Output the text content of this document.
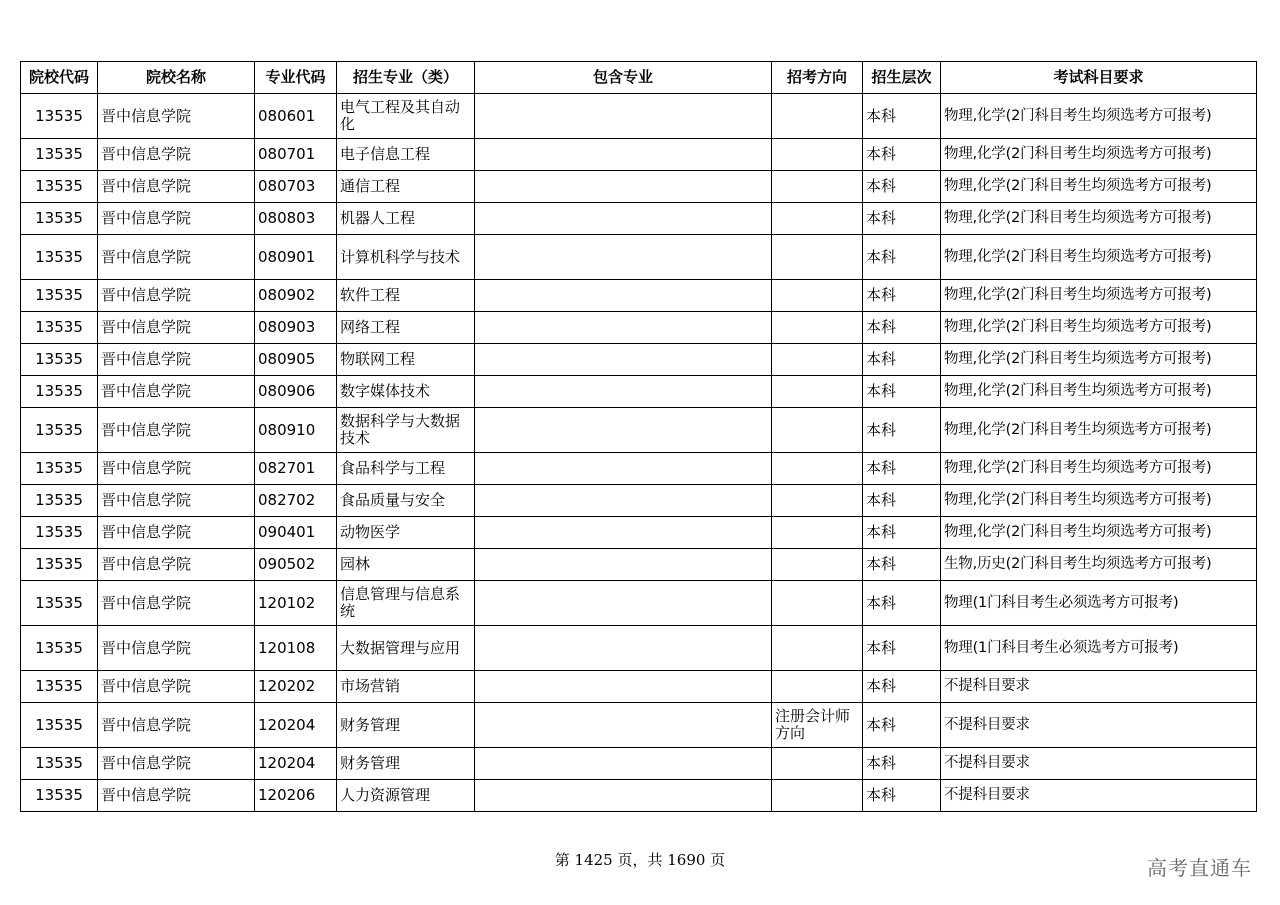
院校代码	院校名称	专业代码	招生专业（类）	包含专业	招考方向	招生层次	考试科目要求
13535	晋中信息学院	080601	电气工程及其自动化			本科	物理,化学(2门科目考生均须选考方可报考)
13535	晋中信息学院	080701	电子信息工程			本科	物理,化学(2门科目考生均须选考方可报考)
13535	晋中信息学院	080703	通信工程			本科	物理,化学(2门科目考生均须选考方可报考)
13535	晋中信息学院	080803	机器人工程			本科	物理,化学(2门科目考生均须选考方可报考)
13535	晋中信息学院	080901	计算机科学与技术			本科	物理,化学(2门科目考生均须选考方可报考)
13535	晋中信息学院	080902	软件工程			本科	物理,化学(2门科目考生均须选考方可报考)
13535	晋中信息学院	080903	网络工程			本科	物理,化学(2门科目考生均须选考方可报考)
13535	晋中信息学院	080905	物联网工程			本科	物理,化学(2门科目考生均须选考方可报考)
13535	晋中信息学院	080906	数字媒体技术			本科	物理,化学(2门科目考生均须选考方可报考)
13535	晋中信息学院	080910	数据科学与大数据技术			本科	物理,化学(2门科目考生均须选考方可报考)
13535	晋中信息学院	082701	食品科学与工程			本科	物理,化学(2门科目考生均须选考方可报考)
13535	晋中信息学院	082702	食品质量与安全			本科	物理,化学(2门科目考生均须选考方可报考)
13535	晋中信息学院	090401	动物医学			本科	物理,化学(2门科目考生均须选考方可报考)
13535	晋中信息学院	090502	园林			本科	生物,历史(2门科目考生均须选考方可报考)
13535	晋中信息学院	120102	信息管理与信息系统			本科	物理(1门科目考生必须选考方可报考)
13535	晋中信息学院	120108	大数据管理与应用			本科	物理(1门科目考生必须选考方可报考)
13535	晋中信息学院	120202	市场营销			本科	不提科目要求
13535	晋中信息学院	120204	财务管理		注册会计师方向	本科	不提科目要求
13535	晋中信息学院	120204	财务管理			本科	不提科目要求
13535	晋中信息学院	120206	人力资源管理			本科	不提科目要求
第 1425 页，共 1690 页	高考直通车
